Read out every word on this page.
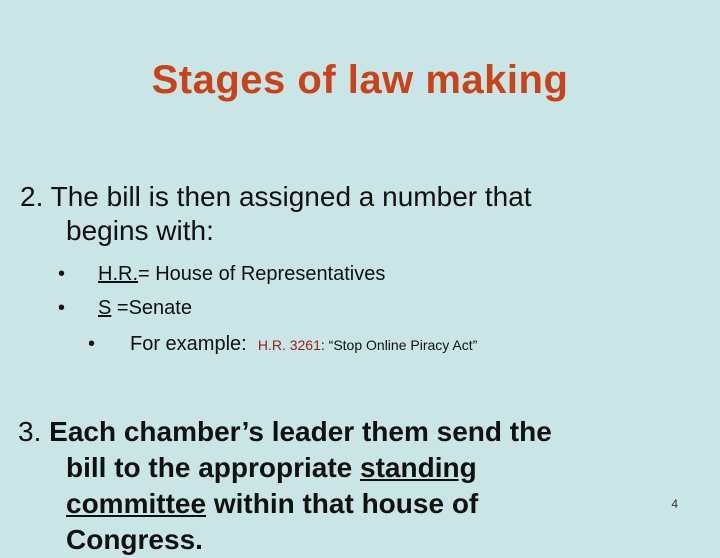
Stages of law making
2. The bill is then assigned a number that
begins with:
• H.R.= House of Representatives
• S =Senate
• For example: H.R. 3261: “Stop Online Piracy Act”
3. Each chamber’s leader them send the
bill to the appropriate standing
committee within that house of
Congress.
4
